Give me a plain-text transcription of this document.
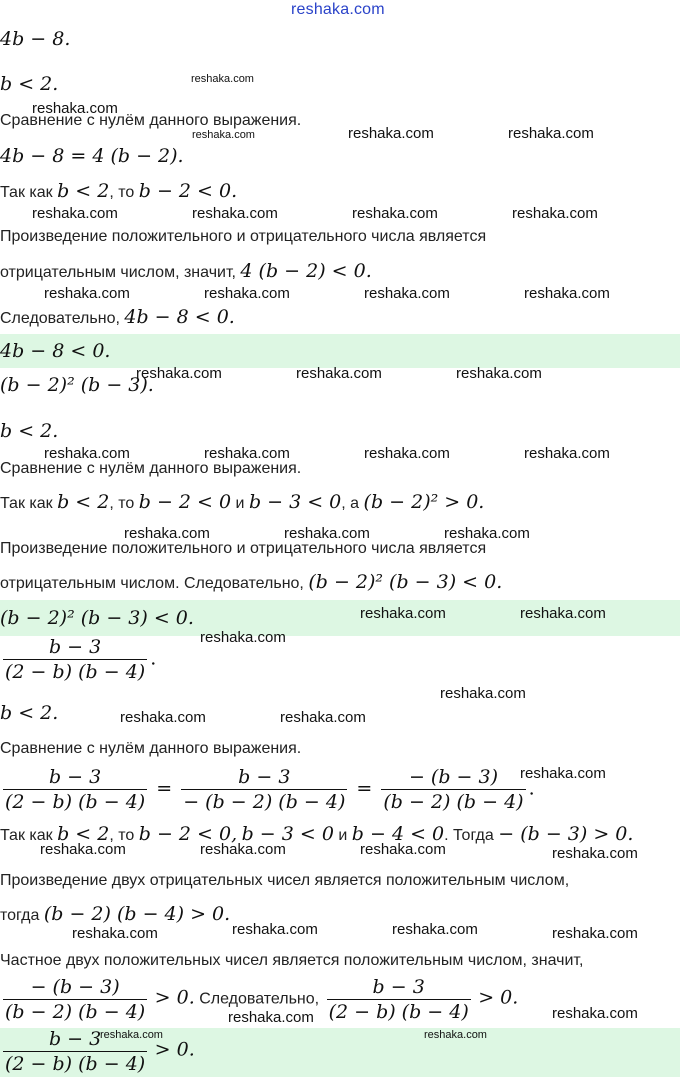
reshaka.com
4b − 8.
b < 2.
Сравнение с нулём данного выражения.
4b − 8 = 4 (b − 2).
Так как b < 2, то b − 2 < 0.
Произведение положительного и отрицательного числа является
отрицательным числом, значит, 4 (b − 2) < 0.
Следовательно, 4b − 8 < 0.
4b − 8 < 0.
(b − 2)² (b − 3).
b < 2.
Сравнение с нулём данного выражения.
Так как b < 2, то b − 2 < 0 и b − 3 < 0, а (b − 2)² > 0.
Произведение положительного и отрицательного числа является
отрицательным числом. Следовательно, (b − 2)² (b − 3) < 0.
(b − 2)² (b − 3) < 0.
$\frac{b - 3}{(2 - b) (b - 4)}$ .
b < 2.
Сравнение с нулём данного выражения.
$\frac{b - 3}{(2 - b) (b - 4)} = \frac{b - 3}{- (b - 2) (b - 4)} = \frac{- (b - 3)}{(b - 2) (b - 4)}$ .
Так как b < 2, то b − 2 < 0, b − 3 < 0 и b − 4 < 0. Тогда − (b − 3) > 0.
Произведение двух отрицательных чисел является положительным числом,
тогда (b − 2) (b − 4) > 0.
Частное двух положительных чисел является положительным числом, значит,
$\frac{- (b - 3)}{(b - 2) (b - 4)} > 0$. Следовательно, $\frac{b - 3}{(2 - b) (b - 4)} > 0$.
$\frac{b - 3}{(2 - b) (b - 4)} > 0$.
reshaka.com
reshaka.com
reshaka.com	reshaka.com	reshaka.com
reshaka.com	reshaka.com	reshaka.com	reshaka.com
reshaka.com	reshaka.com	reshaka.com	reshaka.com
reshaka.com	reshaka.com	reshaka.com
reshaka.com	reshaka.com	reshaka.com	reshaka.com
reshaka.com	reshaka.com	reshaka.com
reshaka.com	reshaka.com
reshaka.com
reshaka.com
reshaka.com	reshaka.com
reshaka.com
reshaka.com	reshaka.com	reshaka.com	reshaka.com
reshaka.com	reshaka.com	reshaka.com	reshaka.com
reshaka.com	reshaka.com
reshaka.com	reshaka.com
